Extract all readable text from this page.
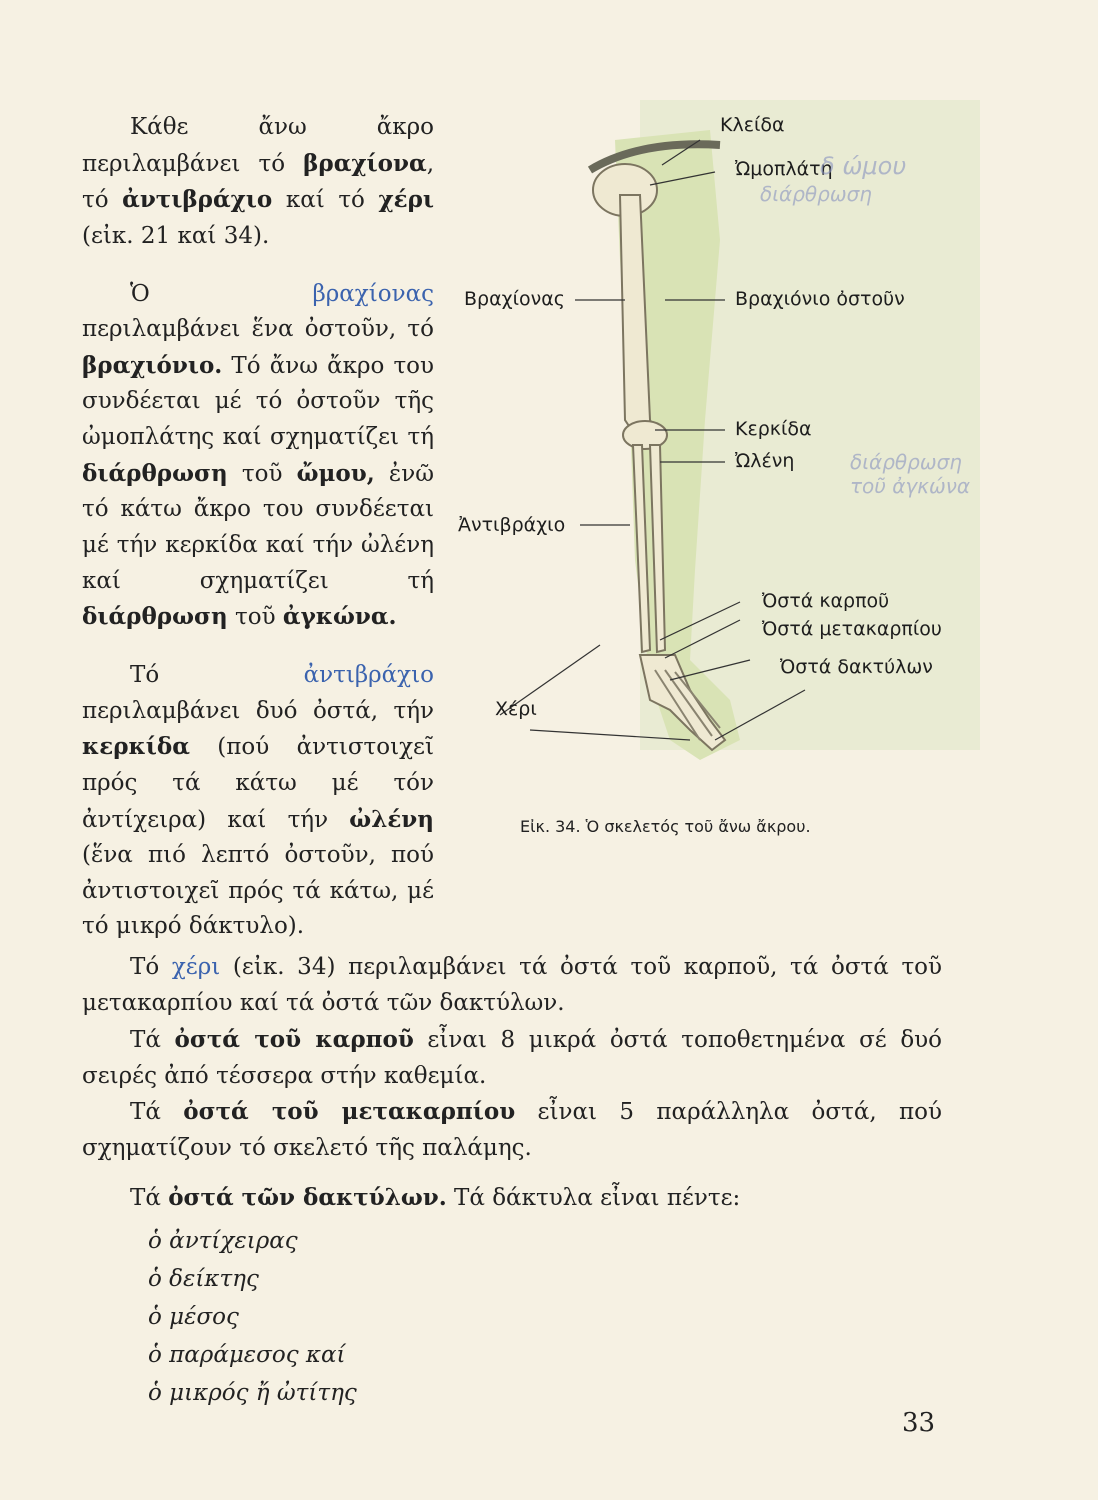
Κάθε ἄνω ἄκρο περιλαμβάνει τό βραχίονα, τό ἀντιβράχιο καί τό χέρι (εἰκ. 21 καί 34).

Ὁ βραχίονας περιλαμβάνει ἕνα ὀστοῦν, τό βραχιόνιο. Τό ἄνω ἄκρο του συνδέεται μέ τό ὀστοῦν τῆς ὠμοπλάτης καί σχηματίζει τή διάρθρωση τοῦ ὤμου, ἐνῶ τό κάτω ἄκρο του συνδέεται μέ τήν κερκίδα καί τήν ὠλένη καί σχηματίζει τή διάρθρωση τοῦ ἀγκώνα.

Τό ἀντιβράχιο περιλαμβάνει δυό ὀστά, τήν κερκίδα (πού ἀντιστοιχεῖ πρός τά κάτω μέ τόν ἀντίχειρα) καί τήν ὠλένη (ἕνα πιό λεπτό ὀστοῦν, πού ἀντιστοιχεῖ πρός τά κάτω, μέ τό μικρό δάκτυλο).

Κλείδα
Ὠμοπλάτη
Βραχίονας	Βραχιόνιο ὀστοῦν
Κερκίδα
Ὠλένη
Ἀντιβράχιο
Ὀστά καρποῦ
Ὀστά μετακαρπίου
Ὀστά δακτύλων
Χέρι
δ ώμου
διάρθρωση
διάρθρωση τοῦ ἀγκώνα
Εἰκ. 34. Ὁ σκελετός τοῦ ἄνω ἄκρου.

Τό χέρι (εἰκ. 34) περιλαμβάνει τά ὀστά τοῦ καρποῦ, τά ὀστά τοῦ μετακαρπίου καί τά ὀστά τῶν δακτύλων.

Τά ὀστά τοῦ καρποῦ εἶναι 8 μικρά ὀστά τοποθετημένα σέ δυό σειρές ἀπό τέσσερα στήν καθεμία.

Τά ὀστά τοῦ μετακαρπίου εἶναι 5 παράλληλα ὀστά, πού σχηματίζουν τό σκελετό τῆς παλάμης.

Τά ὀστά τῶν δακτύλων. Τά δάκτυλα εἶναι πέντε:

ὁ ἀντίχειρας
ὁ δείκτης
ὁ μέσος
ὁ παράμεσος καί
ὁ μικρός ἤ ὠτίτης
33
